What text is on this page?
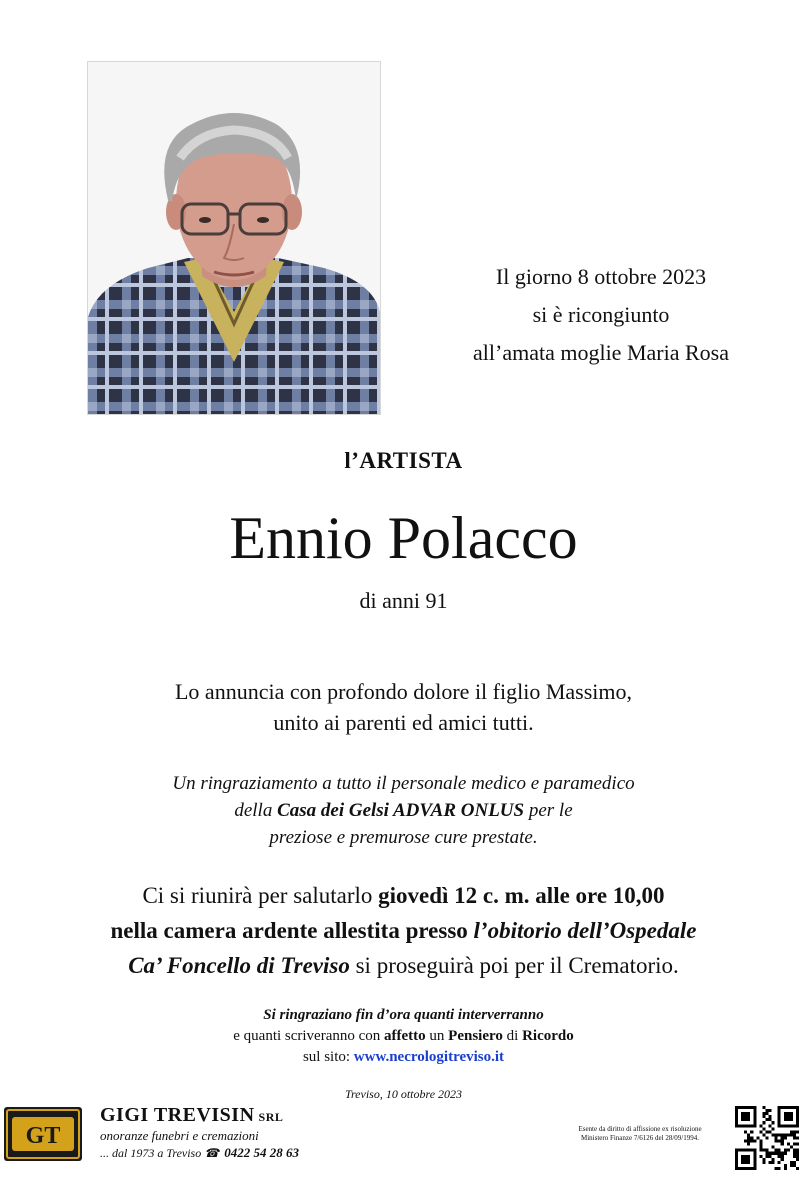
Il giorno 8 ottobre 2023
si è ricongiunto
all’amata moglie Maria Rosa
l’ARTISTA
Ennio Polacco
di anni 91
Lo annuncia con profondo dolore il figlio Massimo,
unito ai parenti ed amici tutti.
Un ringraziamento a tutto il personale medico e paramedico
della Casa dei Gelsi ADVAR ONLUS per le
preziose e premurose cure prestate.
Ci si riunirà per salutarlo giovedì 12 c. m. alle ore 10,00
nella camera ardente allestita presso l’obitorio dell’Ospedale
Ca’ Foncello di Treviso si proseguirà poi per il Crematorio.
Si ringraziano fin d’ora quanti interverranno
e quanti scriveranno con affetto un Pensiero di Ricordo
sul sito: www.necrologitreviso.it
Treviso, 10 ottobre 2023
GT
GIGI TREVISIN SRL
onoranze funebri e cremazioni
... dal 1973 a Treviso ☎ 0422 54 28 63
Esente da diritto di affissione ex risoluzione
Ministero Finanze 7/6126 del 28/09/1994.
